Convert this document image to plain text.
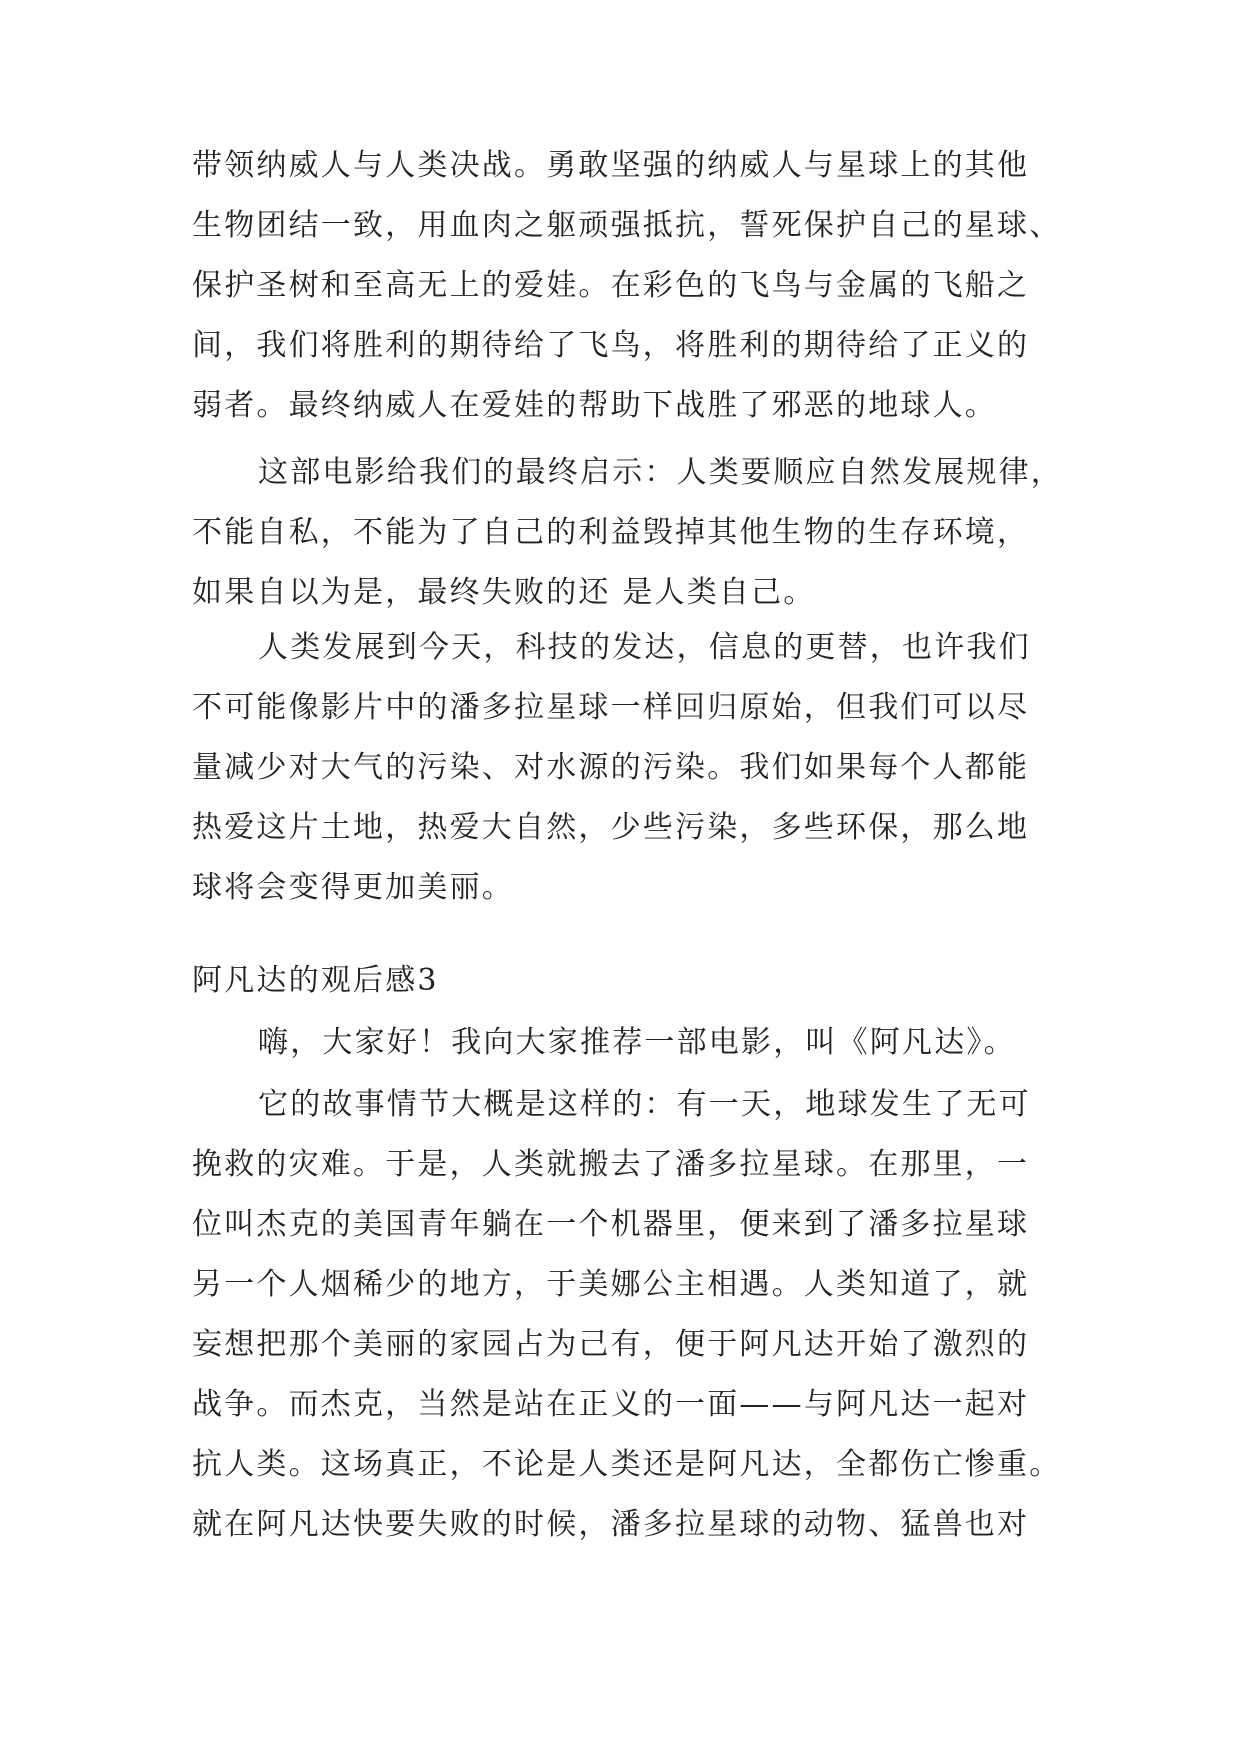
带领纳威人与人类决战。勇敢坚强的纳威人与星球上的其他
生物团结一致，用血肉之躯顽强抵抗，誓死保护自己的星球、
保护圣树和至高无上的爱娃。在彩色的飞鸟与金属的飞船之
间，我们将胜利的期待给了飞鸟，将胜利的期待给了正义的
弱者。最终纳威人在爱娃的帮助下战胜了邪恶的地球人。
这部电影给我们的最终启示：人类要顺应自然发展规律，
不能自私，不能为了自己的利益毁掉其他生物的生存环境，
如果自以为是，最终失败的还 是人类自己。
人类发展到今天，科技的发达，信息的更替，也许我们
不可能像影片中的潘多拉星球一样回归原始，但我们可以尽
量减少对大气的污染、对水源的污染。我们如果每个人都能
热爱这片土地，热爱大自然，少些污染，多些环保，那么地
球将会变得更加美丽。
阿凡达的观后感3
嗨，大家好！我向大家推荐一部电影，叫《阿凡达》。
它的故事情节大概是这样的：有一天，地球发生了无可
挽救的灾难。于是，人类就搬去了潘多拉星球。在那里，一
位叫杰克的美国青年躺在一个机器里，便来到了潘多拉星球
另一个人烟稀少的地方，于美娜公主相遇。人类知道了，就
妄想把那个美丽的家园占为己有，便于阿凡达开始了激烈的
战争。而杰克，当然是站在正义的一面——与阿凡达一起对
抗人类。这场真正，不论是人类还是阿凡达，全都伤亡惨重。
就在阿凡达快要失败的时候，潘多拉星球的动物、猛兽也对
